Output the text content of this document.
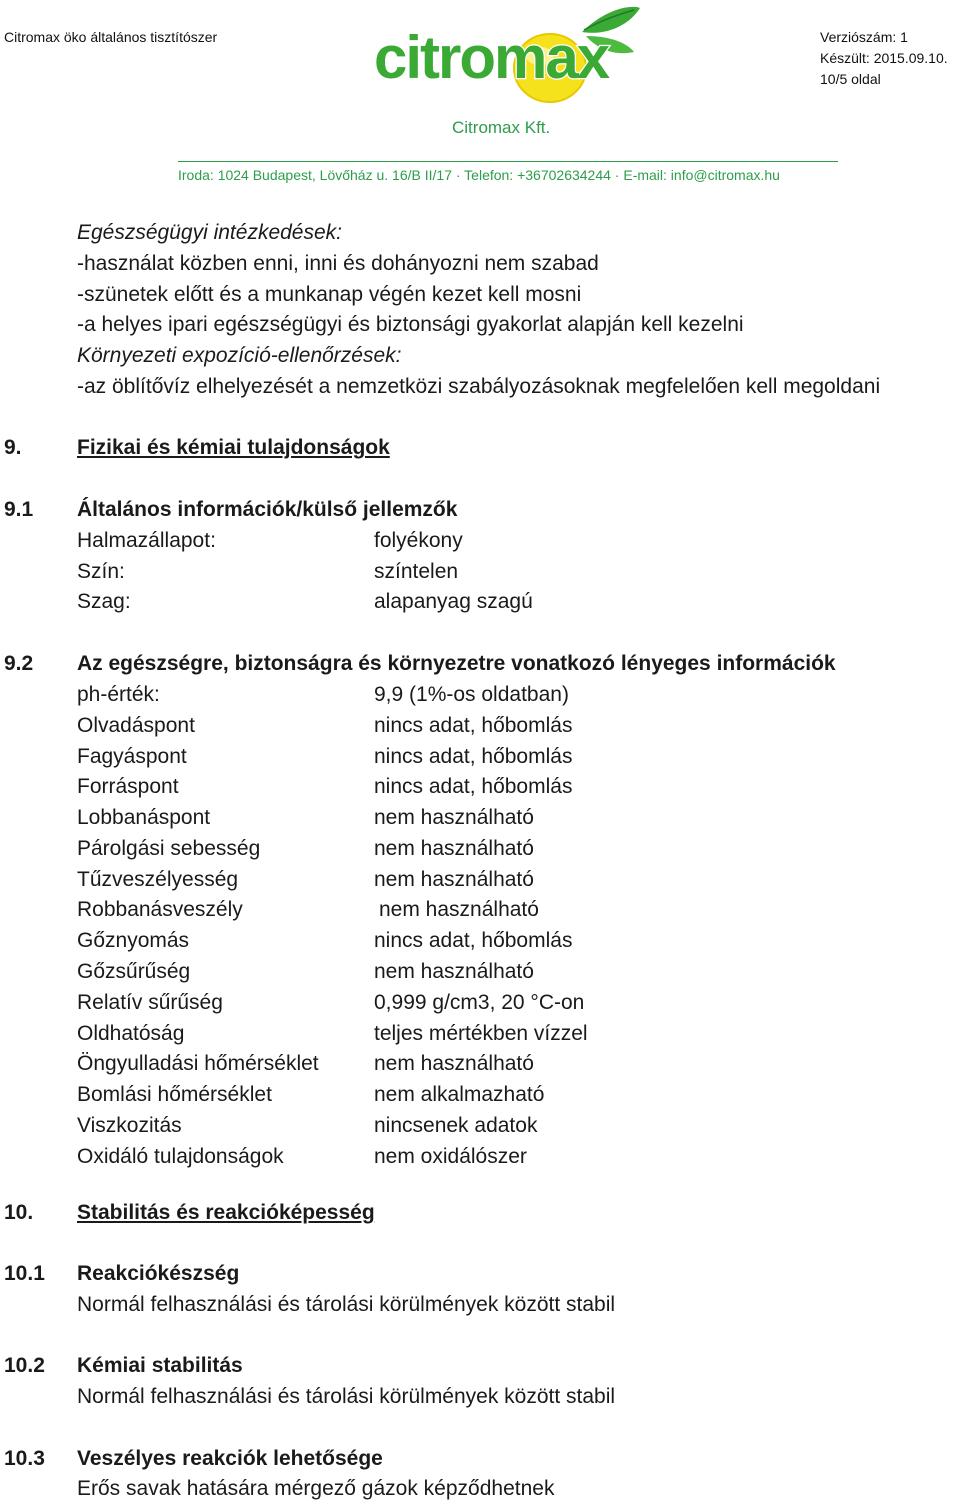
Citromax öko általános tisztítószer	citromax	Verziószám: 1
Készült: 2015.09.10.
10/5 oldal
Citromax Kft.
Iroda: 1024 Budapest, Lövőház u. 16/B II/17 · Telefon: +36702634244 · E-mail: info@citromax.hu
Egészségügyi intézkedések:
-használat közben enni, inni és dohányozni nem szabad
-szünetek előtt és a munkanap végén kezet kell mosni
-a helyes ipari egészségügyi és biztonsági gyakorlat alapján kell kezelni
Környezeti expozíció-ellenőrzések:
-az öblítővíz elhelyezését a nemzetközi szabályozásoknak megfelelően kell megoldani
9.	Fizikai és kémiai tulajdonságok
9.1 Általános információk/külső jellemzők
Halmazállapot:	folyékony
Szín:	színtelen
Szag:	alapanyag szagú
9.2 Az egészségre, biztonságra és környezetre vonatkozó lényeges információk
ph-érték:	9,9 (1%-os oldatban)
Olvadáspont	nincs adat, hőbomlás
Fagyáspont	nincs adat, hőbomlás
Forráspont	nincs adat, hőbomlás
Lobbanáspont	nem használható
Párolgási sebesség	nem használható
Tűzveszélyesség	nem használható
Robbanásveszély	nem használható
Gőznyomás	nincs adat, hőbomlás
Gőzsűrűség	nem használható
Relatív sűrűség	0,999 g/cm3, 20 °C-on
Oldhatóság	teljes mértékben vízzel
Öngyulladási hőmérséklet	nem használható
Bomlási hőmérséklet	nem alkalmazható
Viszkozitás	nincsenek adatok
Oxidáló tulajdonságok	nem oxidálószer
10. Stabilitás és reakcióképesség
10.1 Reakciókészség
Normál felhasználási és tárolási körülmények között stabil
10.2 Kémiai stabilitás
Normál felhasználási és tárolási körülmények között stabil
10.3 Veszélyes reakciók lehetősége
Erős savak hatására mérgező gázok képződhetnek
